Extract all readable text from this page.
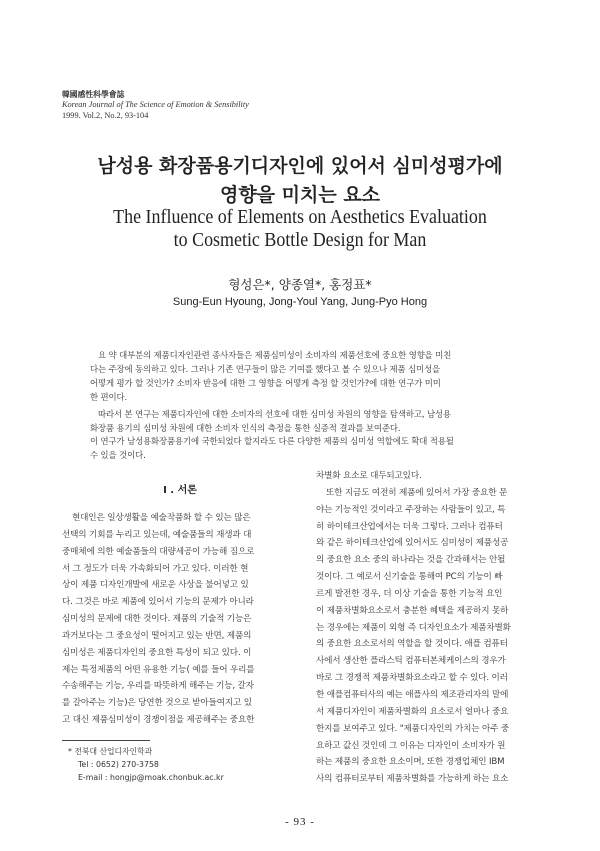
韓國感性科學會誌
Korean Journal of The Science of Emotion & Sensibility
1999. Vol.2, No.2, 93-104
남성용 화장품용기디자인에 있어서 심미성평가에
영향을 미치는 요소
The Influence of Elements on Aesthetics Evaluation
to Cosmetic Bottle Design for Man
형성은*, 양종열*, 홍정표*
Sung-Eun Hyoung, Jong-Youl Yang, Jung-Pyo Hong

요 약 대부분의 제품디자인관련 종사자들은 제품심미성이 소비자의 제품선호에 중요한 영향을 미친

다는 주장에 동의하고 있다. 그러나 기존 연구들이 많은 기여를 했다고 볼 수 있으나 제품 심미성을

어떻게 평가 할 것인가? 소비자 반응에 대한 그 영향을 어떻게 측정 할 것인가?에 대한 연구가 미미

한 편이다.

따라서 본 연구는 제품디자인에 대한 소비자의 선호에 대한 심미성 차원의 영향을 탐색하고, 남성용

화장품 용기의 심미성 차원에 대한 소비자 인식의 측정을 통한 실증적 결과를 보여준다.

이 연구가 남성용화장품용기에 국한되었다 할지라도 다른 다양한 제품의 심미성 역할에도 확대 적용될

수 있을 것이다.

I . 서론

현대인은 일상생활을 예술작품화 할 수 있는 많은

선택의 기회를 누리고 있는데, 예술품들의 재생과 대

중매체에 의한 예술품들의 대량세공이 가능해 짐으로

서 그 정도가 더욱 가속화되어 가고 있다. 이러한 현

상이 제품 디자인개발에 새로운 사상을 불어넣고 있

다. 그것은 바로 제품에 있어서 기능의 문제가 아니라

심미성의 문제에 대한 것이다. 제품의 기술적 기능은

과거보다는 그 중요성이 떨어지고 있는 반면, 제품의

심미성은 제품디자인의 중요한 특성이 되고 있다. 이

제는 특정제품의 어떤 유용한 기능( 예를 들어 우리를

수송해주는 기능, 우리를 따뜻하게 해주는 기능, 갈자

를 갈아주는 기능)은 당연한 것으로 받아들여지고 있

고 대신 제품심미성이 경쟁이점을 제공해주는 중요한

차별화 요소로 대두되고있다.

또한 지금도 여전히 제품에 있어서 가장 중요한 문

야는 기능적인 것이라고 주장하는 사람들이 있고, 특

히 하이테크산업에서는 더욱 그렇다. 그러나 컴퓨터

와 같은 하이테크산업에 있어서도 심미성이 제품성공

의 중요한 요소 중의 하나라는 것을 간과해서는 안될

것이다. 그 예로서 신기술을 통해여 PC의 기능이 빠

르게 발전한 경우, 더 이상 기술을 통한 기능적 요인

이 제품차별화요소로서 충분한 혜택을 제공하지 못하

는 경우에는 제품이 외형 즉 디자인요소가 제품차별화

의 중요한 요소로서의 역할을 할 것이다. 애플 컴퓨터

사에서 생산한 플라스틱 컴퓨터본체케이스의 경우가

바로 그 경쟁적 제품차별화요소라고 할 수 있다. 이러

한 애플컴퓨터사의 예는 애플사의 제조관리자의 말에

서 제품디자인이 제품차별화의 요소로서 얼마나 중요

한지를 보여주고 있다. "제품디자인의 가치는 아주 중

요하고 값신 것인데 그 이유는 디자인이 소비자가 원

하는 제품의 중요한 요소이며, 또한 경쟁업체인 IBM

사의 컴퓨터로부터 제품차별화를 가능하게 하는 요소

* 전북대 산업디자인학과

Tel : 0652) 270-3758

E-mail : hongjp@moak.chonbuk.ac.kr

- 93 -
